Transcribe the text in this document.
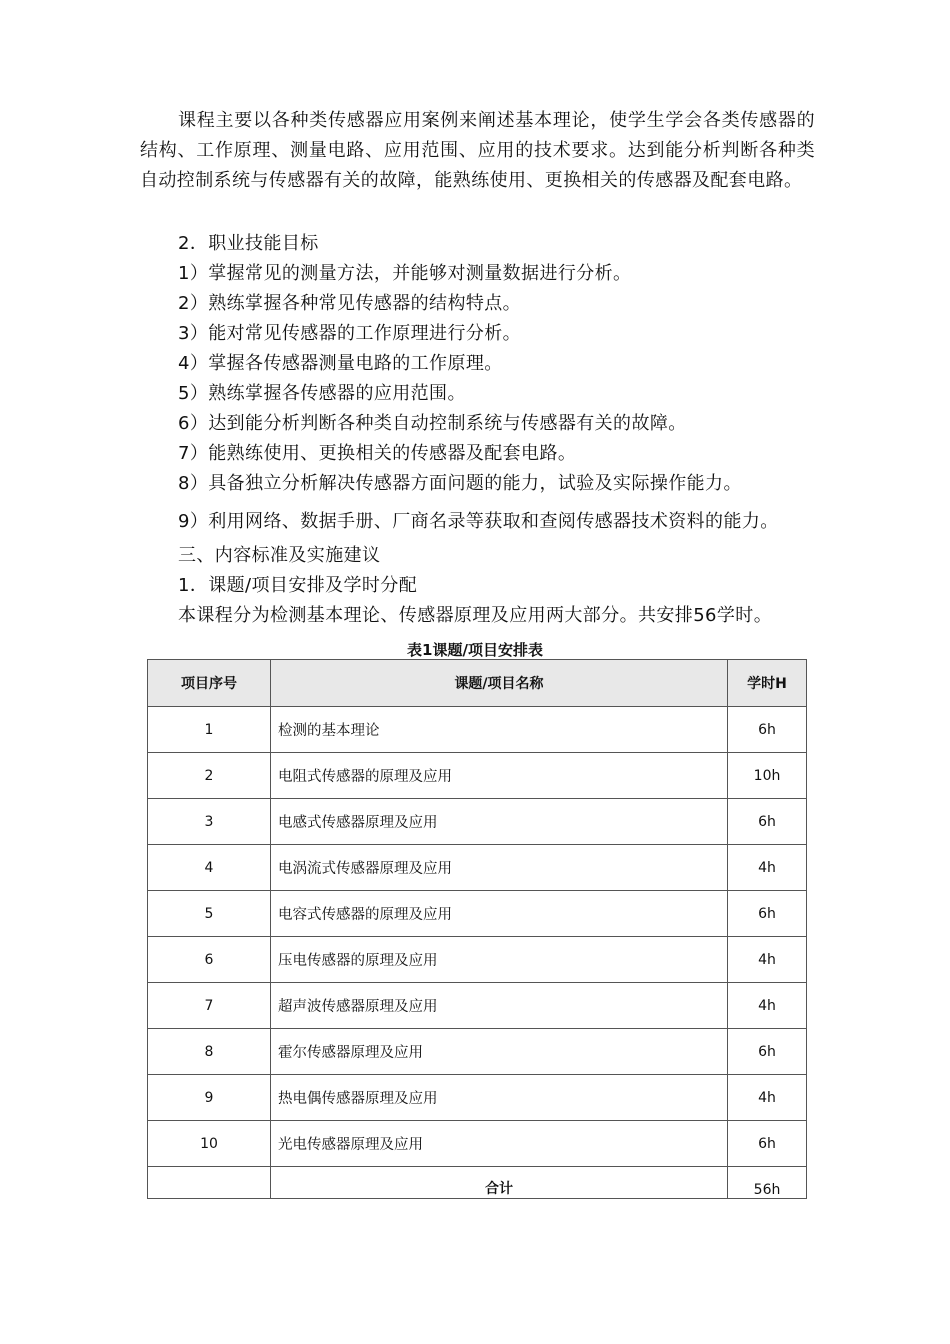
课程主要以各种类传感器应用案例来阐述基本理论，使学生学会各类传感器的结构、工作原理、测量电路、应用范围、应用的技术要求。达到能分析判断各种类自动控制系统与传感器有关的故障，能熟练使用、更换相关的传感器及配套电路。
2．职业技能目标
1）掌握常见的测量方法，并能够对测量数据进行分析。
2）熟练掌握各种常见传感器的结构特点。
3）能对常见传感器的工作原理进行分析。
4）掌握各传感器测量电路的工作原理。
5）熟练掌握各传感器的应用范围。
6）达到能分析判断各种类自动控制系统与传感器有关的故障。
7）能熟练使用、更换相关的传感器及配套电路。
8）具备独立分析解决传感器方面问题的能力，试验及实际操作能力。
9）利用网络、数据手册、厂商名录等获取和查阅传感器技术资料的能力。
三、内容标准及实施建议
1．课题/项目安排及学时分配
本课程分为检测基本理论、传感器原理及应用两大部分。共安排56学时。
表1课题/项目安排表
项目序号	课题/项目名称	学时H
1	检测的基本理论	6h
2	电阻式传感器的原理及应用	10h
3	电感式传感器原理及应用	6h
4	电涡流式传感器原理及应用	4h
5	电容式传感器的原理及应用	6h
6	压电传感器的原理及应用	4h
7	超声波传感器原理及应用	4h
8	霍尔传感器原理及应用	6h
9	热电偶传感器原理及应用	4h
10	光电传感器原理及应用	6h
	合计	56h
